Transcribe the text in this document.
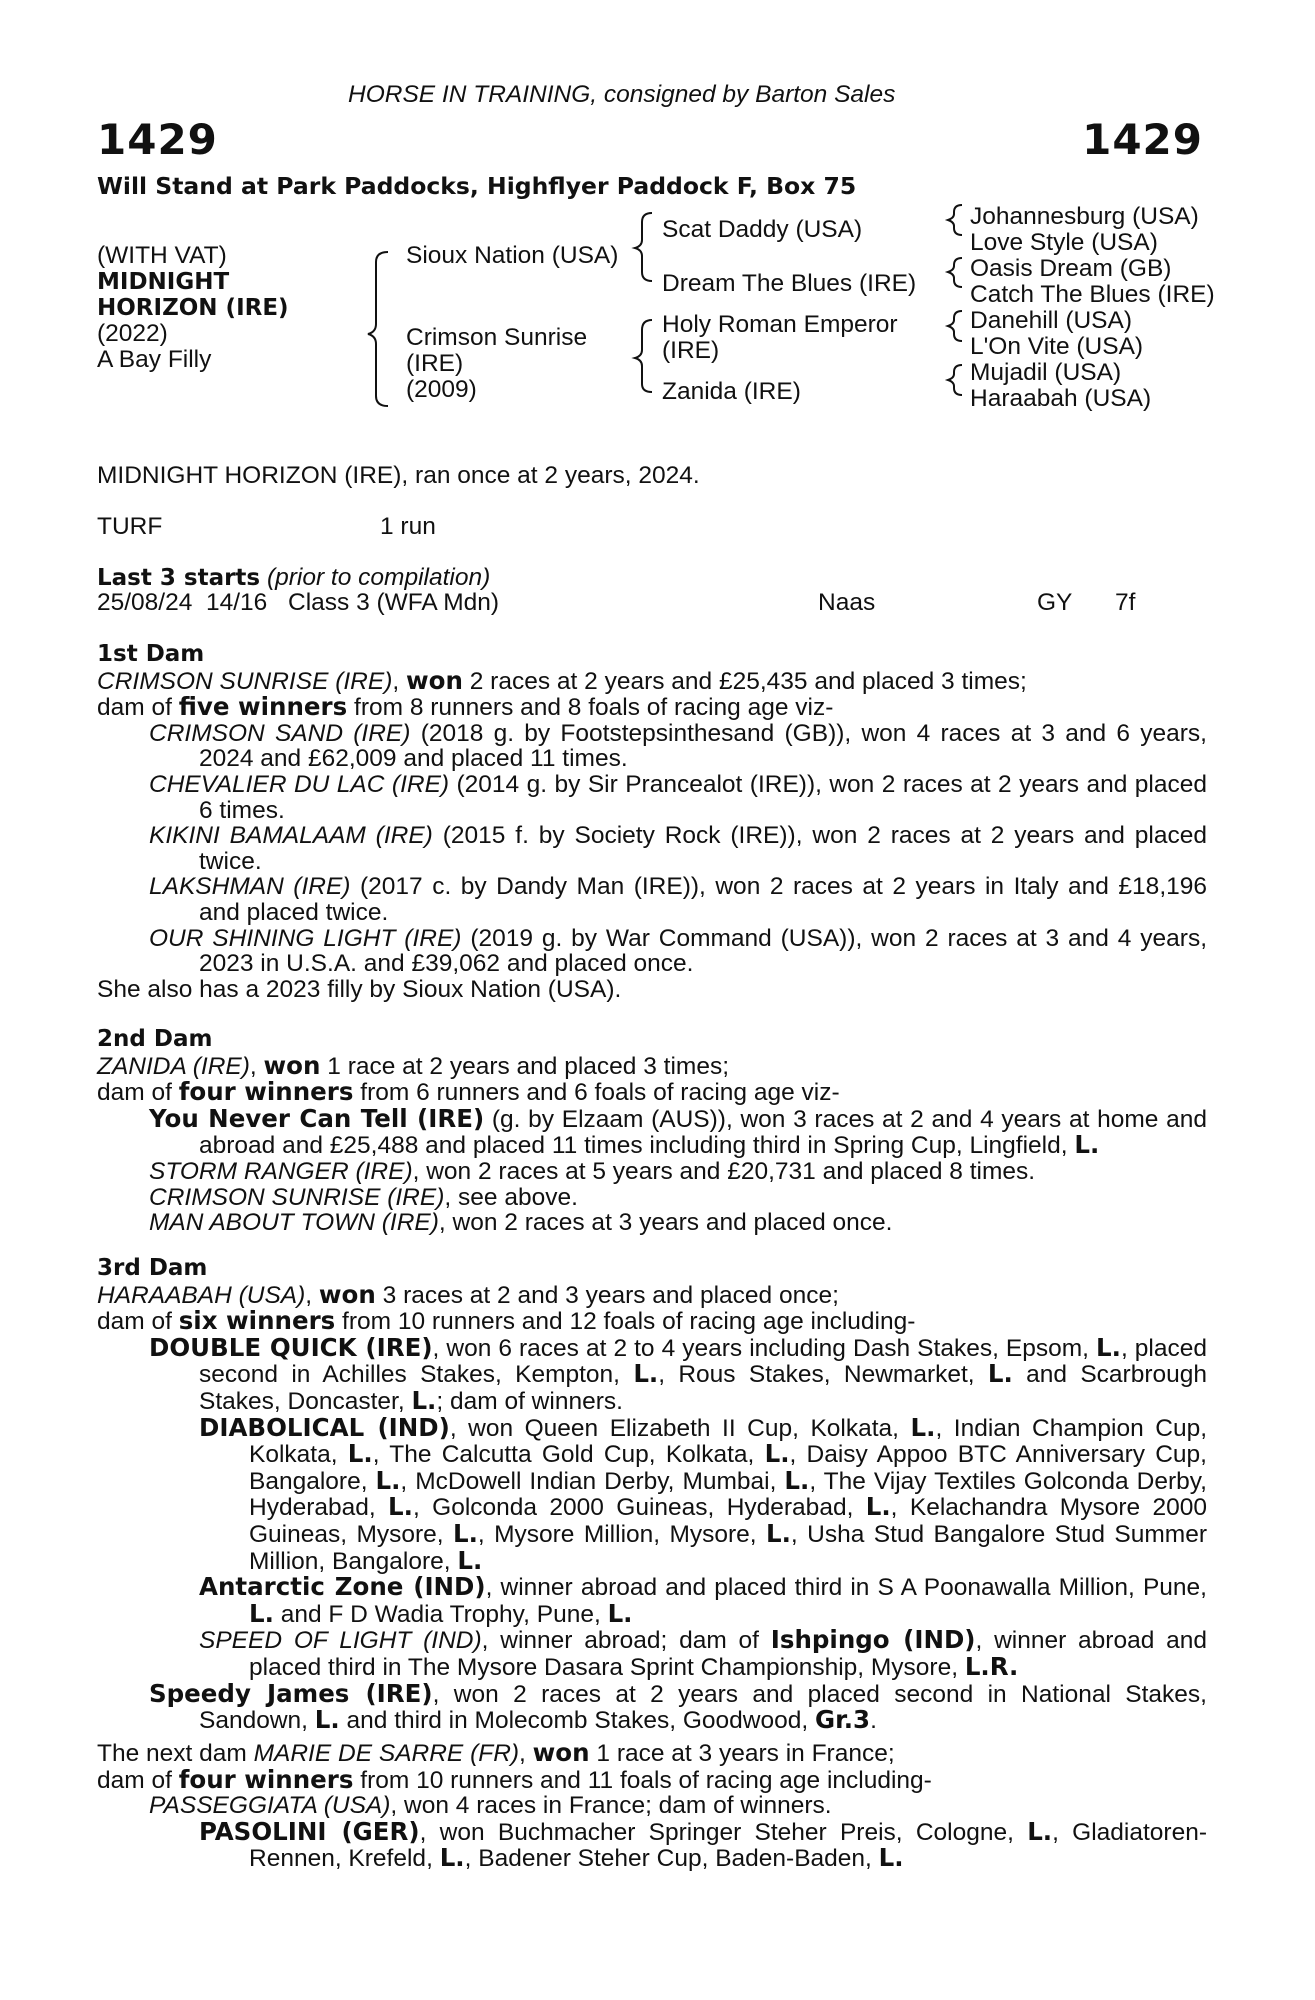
HORSE IN TRAINING, consigned by Barton Sales
1429	1429
Will Stand at Park Paddocks, Highflyer Paddock F, Box 75
(WITH VAT)
MIDNIGHT
HORIZON (IRE)
(2022)
A Bay Filly
Sioux Nation (USA)
Crimson Sunrise
(IRE)
(2009)
Scat Daddy (USA)
Dream The Blues (IRE)
Holy Roman Emperor
(IRE)
Zanida (IRE)
Johannesburg (USA)
Love Style (USA)
Oasis Dream (GB)
Catch The Blues (IRE)
Danehill (USA)
L'On Vite (USA)
Mujadil (USA)
Haraabah (USA)
MIDNIGHT HORIZON (IRE), ran once at 2 years, 2024.
TURF	1 run
Last 3 starts (prior to compilation)
25/08/24  14/16 Class 3 (WFA Mdn)	Naas	GY 7f
1st Dam
CRIMSON SUNRISE (IRE), won 2 races at 2 years and £25,435 and placed 3 times;
dam of five winners from 8 runners and 8 foals of racing age viz-
CRIMSON SAND (IRE) (2018 g. by Footstepsinthesand (GB)), won 4 races at 3 and 6 years, 2024 and £62,009 and placed 11 times.
CHEVALIER DU LAC (IRE) (2014 g. by Sir Prancealot (IRE)), won 2 races at 2 years and placed 6 times.
KIKINI BAMALAAM (IRE) (2015 f. by Society Rock (IRE)), won 2 races at 2 years and placed twice.
LAKSHMAN (IRE) (2017 c. by Dandy Man (IRE)), won 2 races at 2 years in Italy and £18,196 and placed twice.
OUR SHINING LIGHT (IRE) (2019 g. by War Command (USA)), won 2 races at 3 and 4 years, 2023 in U.S.A. and £39,062 and placed once.
She also has a 2023 filly by Sioux Nation (USA).
2nd Dam
ZANIDA (IRE), won 1 race at 2 years and placed 3 times;
dam of four winners from 6 runners and 6 foals of racing age viz-
You Never Can Tell (IRE) (g. by Elzaam (AUS)), won 3 races at 2 and 4 years at home and abroad and £25,488 and placed 11 times including third in Spring Cup, Lingfield, L.
STORM RANGER (IRE), won 2 races at 5 years and £20,731 and placed 8 times.
CRIMSON SUNRISE (IRE), see above.
MAN ABOUT TOWN (IRE), won 2 races at 3 years and placed once.
3rd Dam
HARAABAH (USA), won 3 races at 2 and 3 years and placed once;
dam of six winners from 10 runners and 12 foals of racing age including-
DOUBLE QUICK (IRE), won 6 races at 2 to 4 years including Dash Stakes, Epsom, L., placed second in Achilles Stakes, Kempton, L., Rous Stakes, Newmarket, L. and Scarbrough Stakes, Doncaster, L.; dam of winners.
DIABOLICAL (IND), won Queen Elizabeth II Cup, Kolkata, L., Indian Champion Cup, Kolkata, L., The Calcutta Gold Cup, Kolkata, L., Daisy Appoo BTC Anniversary Cup, Bangalore, L., McDowell Indian Derby, Mumbai, L., The Vijay Textiles Golconda Derby, Hyderabad, L., Golconda 2000 Guineas, Hyderabad, L., Kelachandra Mysore 2000 Guineas, Mysore, L., Mysore Million, Mysore, L., Usha Stud Bangalore Stud Summer Million, Bangalore, L.
Antarctic Zone (IND), winner abroad and placed third in S A Poonawalla Million, Pune, L. and F D Wadia Trophy, Pune, L.
SPEED OF LIGHT (IND), winner abroad; dam of Ishpingo (IND), winner abroad and placed third in The Mysore Dasara Sprint Championship, Mysore, L.R.
Speedy James (IRE), won 2 races at 2 years and placed second in National Stakes, Sandown, L. and third in Molecomb Stakes, Goodwood, Gr.3.
The next dam MARIE DE SARRE (FR), won 1 race at 3 years in France;
dam of four winners from 10 runners and 11 foals of racing age including-
PASSEGGIATA (USA), won 4 races in France; dam of winners.
PASOLINI (GER), won Buchmacher Springer Steher Preis, Cologne, L., Gladiatoren-Rennen, Krefeld, L., Badener Steher Cup, Baden-Baden, L.
